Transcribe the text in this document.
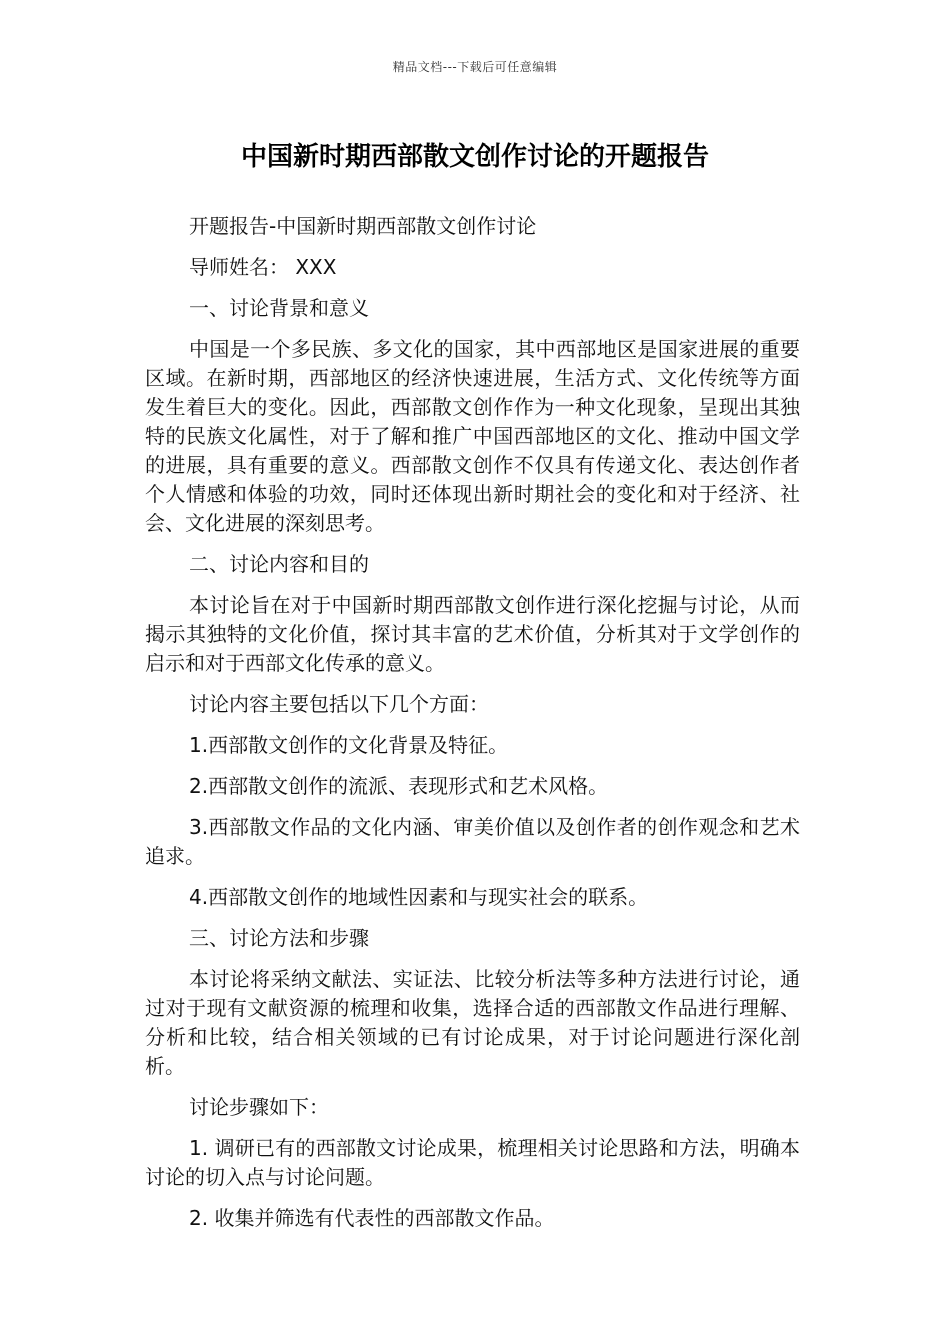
精品文档---下载后可任意编辑
中国新时期西部散文创作讨论的开题报告

开题报告-中国新时期西部散文创作讨论

导师姓名： XXX

一、讨论背景和意义

中国是一个多民族、多文化的国家，其中西部地区是国家进展的重要区域。在新时期，西部地区的经济快速进展，生活方式、文化传统等方面发生着巨大的变化。因此，西部散文创作作为一种文化现象，呈现出其独特的民族文化属性，对于了解和推广中国西部地区的文化、推动中国文学的进展，具有重要的意义。西部散文创作不仅具有传递文化、表达创作者个人情感和体验的功效，同时还体现出新时期社会的变化和对于经济、社会、文化进展的深刻思考。

二、讨论内容和目的

本讨论旨在对于中国新时期西部散文创作进行深化挖掘与讨论，从而揭示其独特的文化价值，探讨其丰富的艺术价值，分析其对于文学创作的启示和对于西部文化传承的意义。

讨论内容主要包括以下几个方面：

1.西部散文创作的文化背景及特征。

2.西部散文创作的流派、表现形式和艺术风格。

3.西部散文作品的文化内涵、审美价值以及创作者的创作观念和艺术追求。

4.西部散文创作的地域性因素和与现实社会的联系。

三、讨论方法和步骤

本讨论将采纳文献法、实证法、比较分析法等多种方法进行讨论，通过对于现有文献资源的梳理和收集，选择合适的西部散文作品进行理解、分析和比较，结合相关领域的已有讨论成果，对于讨论问题进行深化剖析。

讨论步骤如下：

1. 调研已有的西部散文讨论成果，梳理相关讨论思路和方法，明确本讨论的切入点与讨论问题。

2. 收集并筛选有代表性的西部散文作品。
